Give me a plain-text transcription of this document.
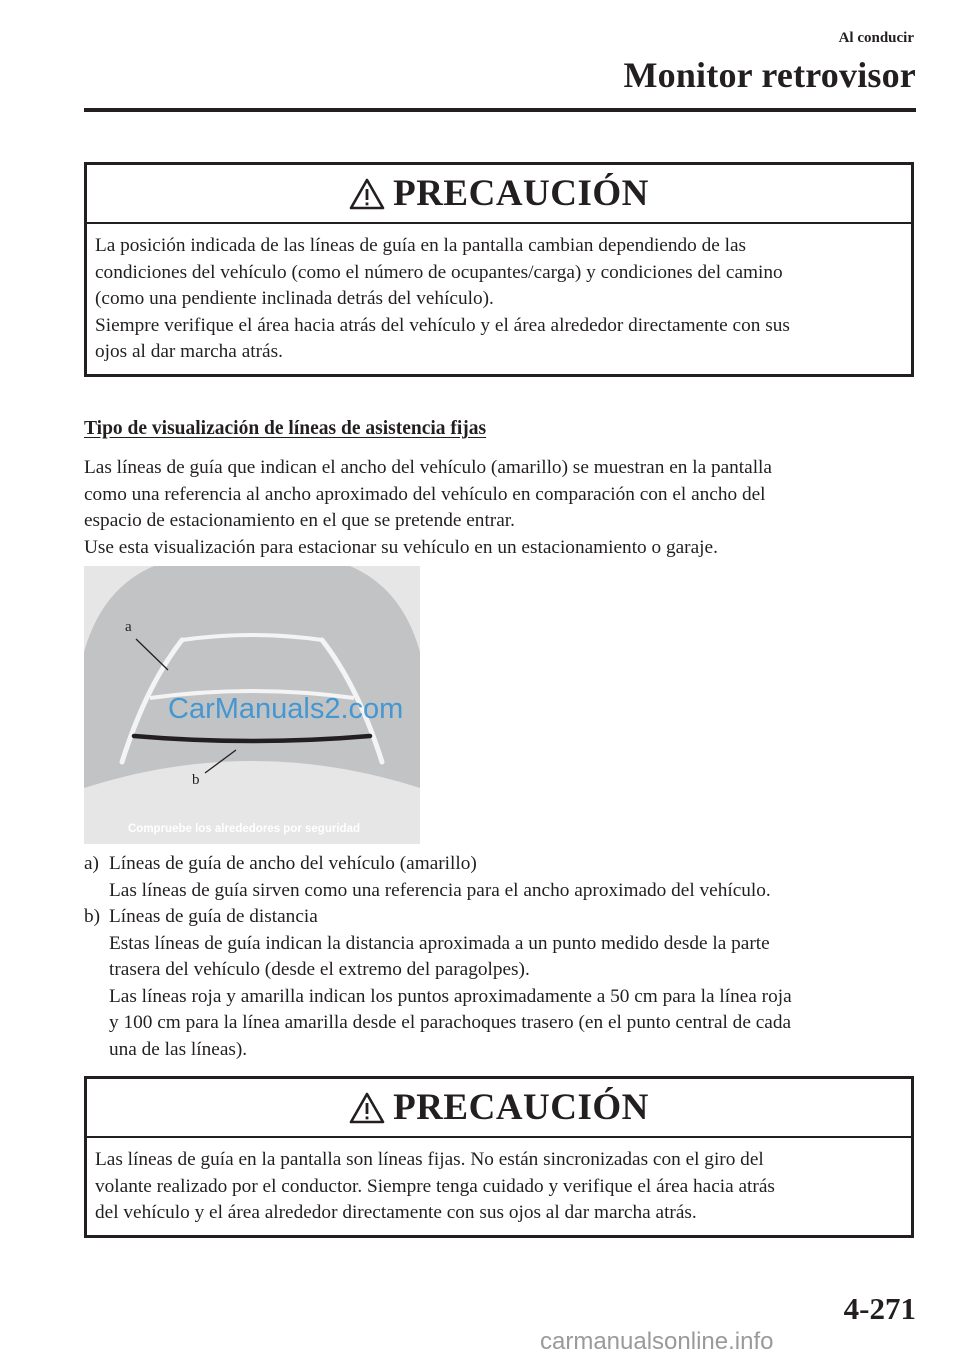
Al conducir
Monitor retrovisor
PRECAUCIÓN

La posición indicada de las líneas de guía en la pantalla cambian dependiendo de las

condiciones del vehículo (como el número de ocupantes/carga) y condiciones del camino

(como una pendiente inclinada detrás del vehículo).

Siempre verifique el área hacia atrás del vehículo y el área alrededor directamente con sus

ojos al dar marcha atrás.

Tipo de visualización de líneas de asistencia fijas

Las líneas de guía que indican el ancho del vehículo (amarillo) se muestran en la pantalla

como una referencia al ancho aproximado del vehículo en comparación con el ancho del

espacio de estacionamiento en el que se pretende entrar.

Use esta visualización para estacionar su vehículo en un estacionamiento o garaje.

a
b
CarManuals2.com
Compruebe los alrededores por seguridad
a) Líneas de guía de ancho del vehículo (amarillo)

Las líneas de guía sirven como una referencia para el ancho aproximado del vehículo.

b) Líneas de guía de distancia

Estas líneas de guía indican la distancia aproximada a un punto medido desde la parte

trasera del vehículo (desde el extremo del paragolpes).

Las líneas roja y amarilla indican los puntos aproximadamente a 50 cm para la línea roja

y 100 cm para la línea amarilla desde el parachoques trasero (en el punto central de cada

una de las líneas).

PRECAUCIÓN

Las líneas de guía en la pantalla son líneas fijas. No están sincronizadas con el giro del

volante realizado por el conductor. Siempre tenga cuidado y verifique el área hacia atrás

del vehículo y el área alrededor directamente con sus ojos al dar marcha atrás.

4-271
carmanualsonline.info
